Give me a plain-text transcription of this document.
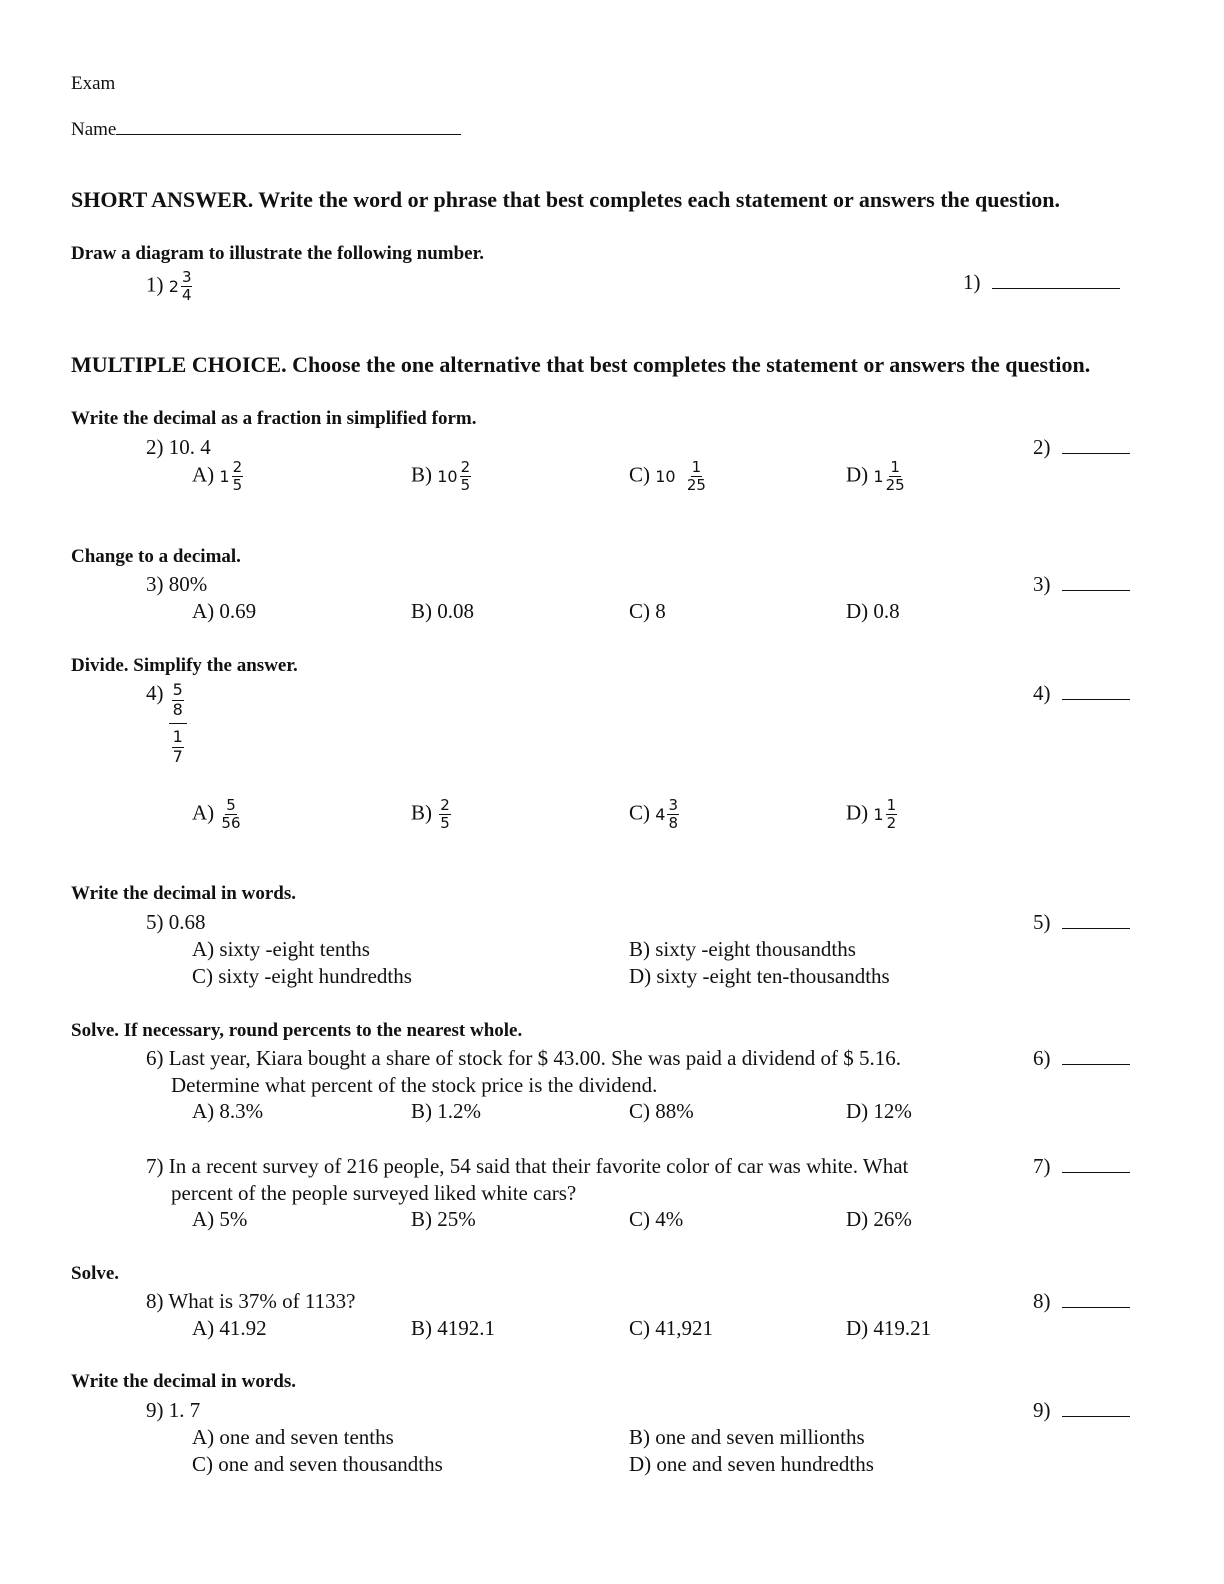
Exam
Name
SHORT ANSWER. Write the word or phrase that best completes each statement or answers the question.
Draw a diagram to illustrate the following number.
1) $2 \frac{3}{4}$	1)
MULTIPLE CHOICE. Choose the one alternative that best completes the statement or answers the question.
Write the decimal as a fraction in simplified form.
2) 10. 4	2)
A) $1 \frac{2}{5}$	B) $10 \frac{2}{5}$	C) $10 \frac{1}{25}$	D) $1 \frac{1}{25}$
Change to a decimal.
3) 80%	3)
A) 0.69	B) 0.08	C) 8	D) 0.8
Divide. Simplify the answer.
4) 5
8
1
7	4)
$A) \frac{5}{56}$	$B) \frac{2}{5}$	C) $4 \frac{3}{8}$	D) $1 \frac{1}{2}$
Write the decimal in words.
5) 0.68	5)
A) sixty -eight tenths	B) sixty -eight thousandths
C) sixty -eight hundredths	D) sixty -eight ten-thousandths
Solve. If necessary, round percents to the nearest whole.
6) Last year, Kiara bought a share of stock for $ 43.00. She was paid a dividend of $ 5.16.
Determine what percent of the stock price is the dividend.
6)
A) 8.3%	B) 1.2%	C) 88%	D) 12%
7) In a recent survey of 216 people, 54 said that their favorite color of car was white. What
percent of the people surveyed liked white cars?
7)
A) 5%	B) 25%	C) 4%	D) 26%
Solve.
8) What is 37% of 1133?	8)
A) 41.92	B) 4192.1	C) 41,921	D) 419.21
Write the decimal in words.
9) 1. 7	9)
A) one and seven tenths	B) one and seven millionths
C) one and seven thousandths	D) one and seven hundredths
